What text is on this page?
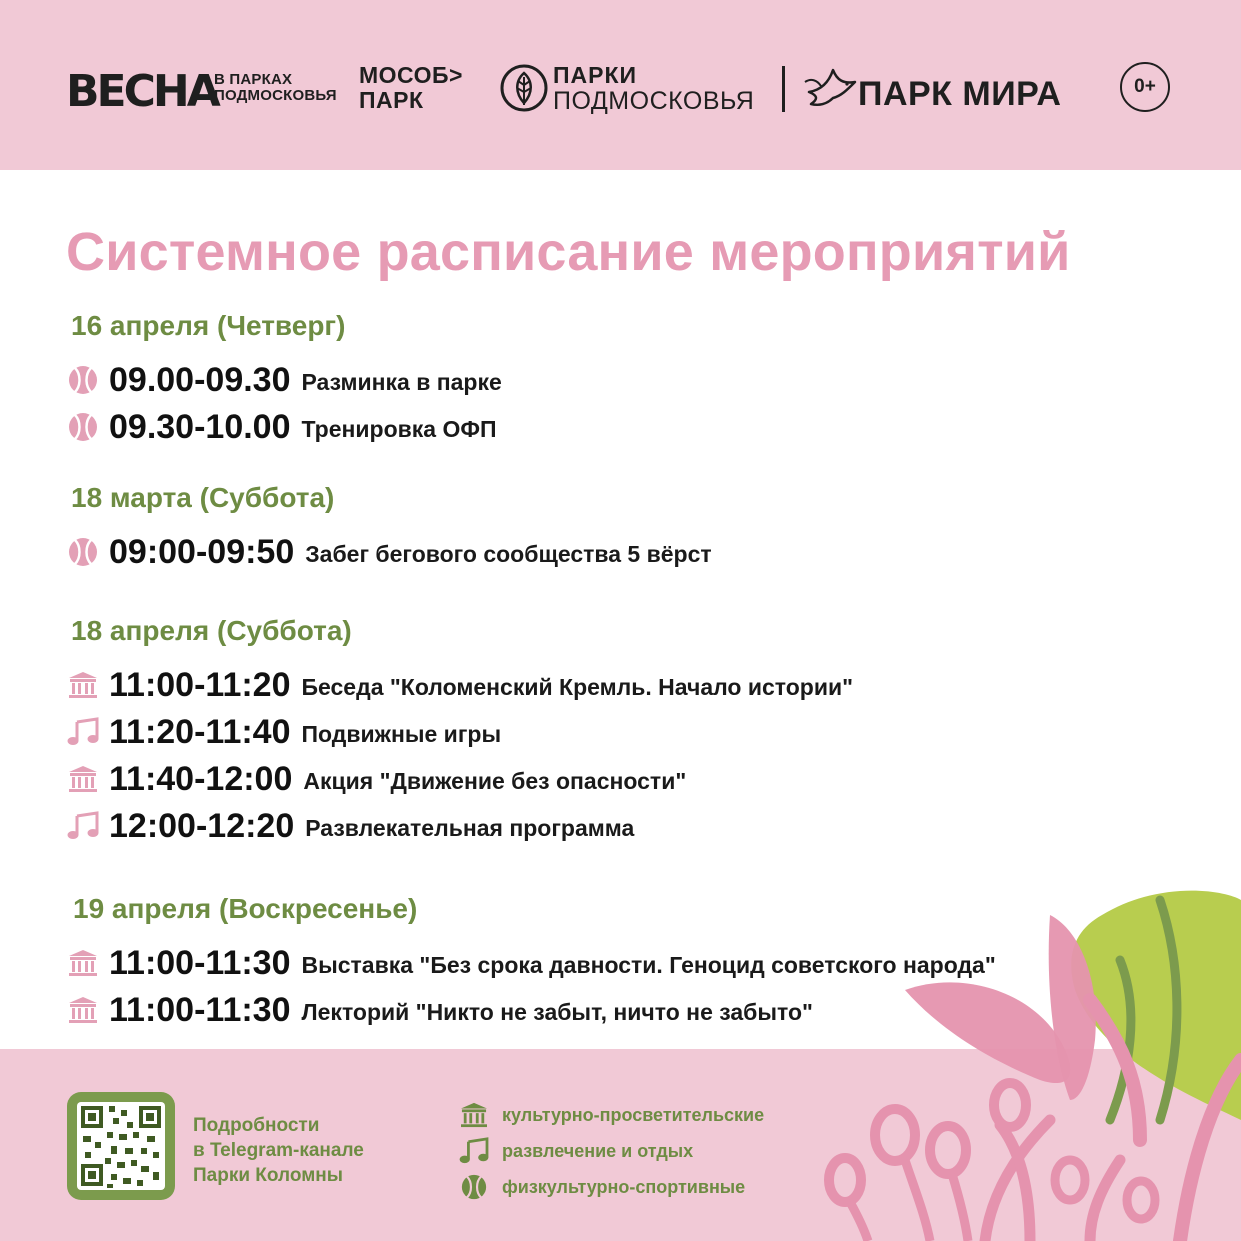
ВЕСНА
В ПАРКАХ
ПОДМОСКОВЬЯ
МОСОБ>
ПАРК
ПАРКИ
ПОДМОСКОВЬЯ	ПАРК МИРА	0+
Системное расписание мероприятий
16 апреля (Четверг)
09.00-09.30 Разминка в парке
09.30-10.00 Тренировка ОФП
18 марта (Суббота)
09:00-09:50 Забег бегового сообщества 5 вёрст
18 апреля (Суббота)
11:00-11:20 Беседа "Коломенский Кремль. Начало истории"
11:20-11:40 Подвижные игры
11:40-12:00 Акция "Движение без опасности"
12:00-12:20 Развлекательная программа
19 апреля (Воскресенье)
11:00-11:30 Выставка "Без срока давности. Геноцид советского народа"
11:00-11:30 Лекторий "Никто не забыт, ничто не забыто"
Подробности
в Telegram-канале
Парки Коломны
культурно-просветительские
развлечение и отдых
физкультурно-спортивные
